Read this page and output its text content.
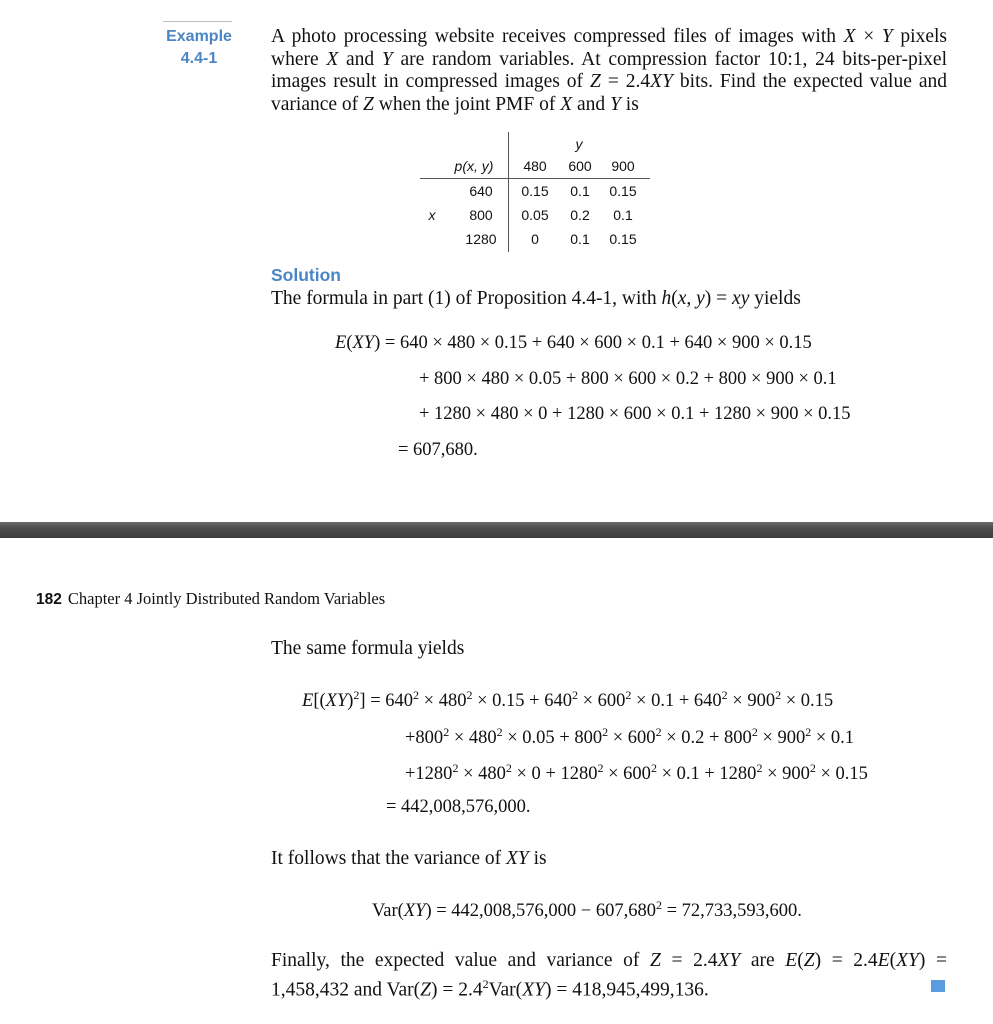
Example
4.4-1
A photo processing website receives compressed files of images with X × Y pixels
where X and Y are random variables. At compression factor 10:1, 24 bits-per-pixel
images result in compressed images of Z = 2.4XY bits. Find the expected value and
variance of Z when the joint PMF of X and Y is
y
p(x, y)	480	600	900
x
640	0.15	0.1	0.15
800	0.05	0.2	0.1
1280	0	0.1	0.15
Solution
The formula in part (1) of Proposition 4.4-1, with h(x, y) = xy yields
E(XY) = 640 × 480 × 0.15 + 640 × 600 × 0.1 + 640 × 900 × 0.15
+ 800 × 480 × 0.05 + 800 × 600 × 0.2 + 800 × 900 × 0.1
+ 1280 × 480 × 0 + 1280 × 600 × 0.1 + 1280 × 900 × 0.15
= 607,680.
182 Chapter 4 Jointly Distributed Random Variables
The same formula yields
$E[(XY)^2] = 640^2 \times 480^2 \times 0.15 + 640^2 \times 600^2 \times 0.1 + 640^2 \times 900^2 \times 0.15$
$+800^2 \times 480^2 \times 0.05 + 800^2 \times 600^2 \times 0.2 + 800^2 \times 900^2 \times 0.1$
$+1280^2 \times 480^2 \times 0 + 1280^2 \times 600^2 \times 0.1 + 1280^2 \times 900^2 \times 0.15$
= 442,008,576,000.
It follows that the variance of XY is
$Var(XY) = 442,008,576,000 - 607,680^2 = 72,733,593,600$.
Finally, the expected value and variance of Z = 2.4XY are E(Z) = 2.4E(XY) =
1,458,432 and $Var(Z) = 2.4^2Var(XY) = 418,945,499,136$.
